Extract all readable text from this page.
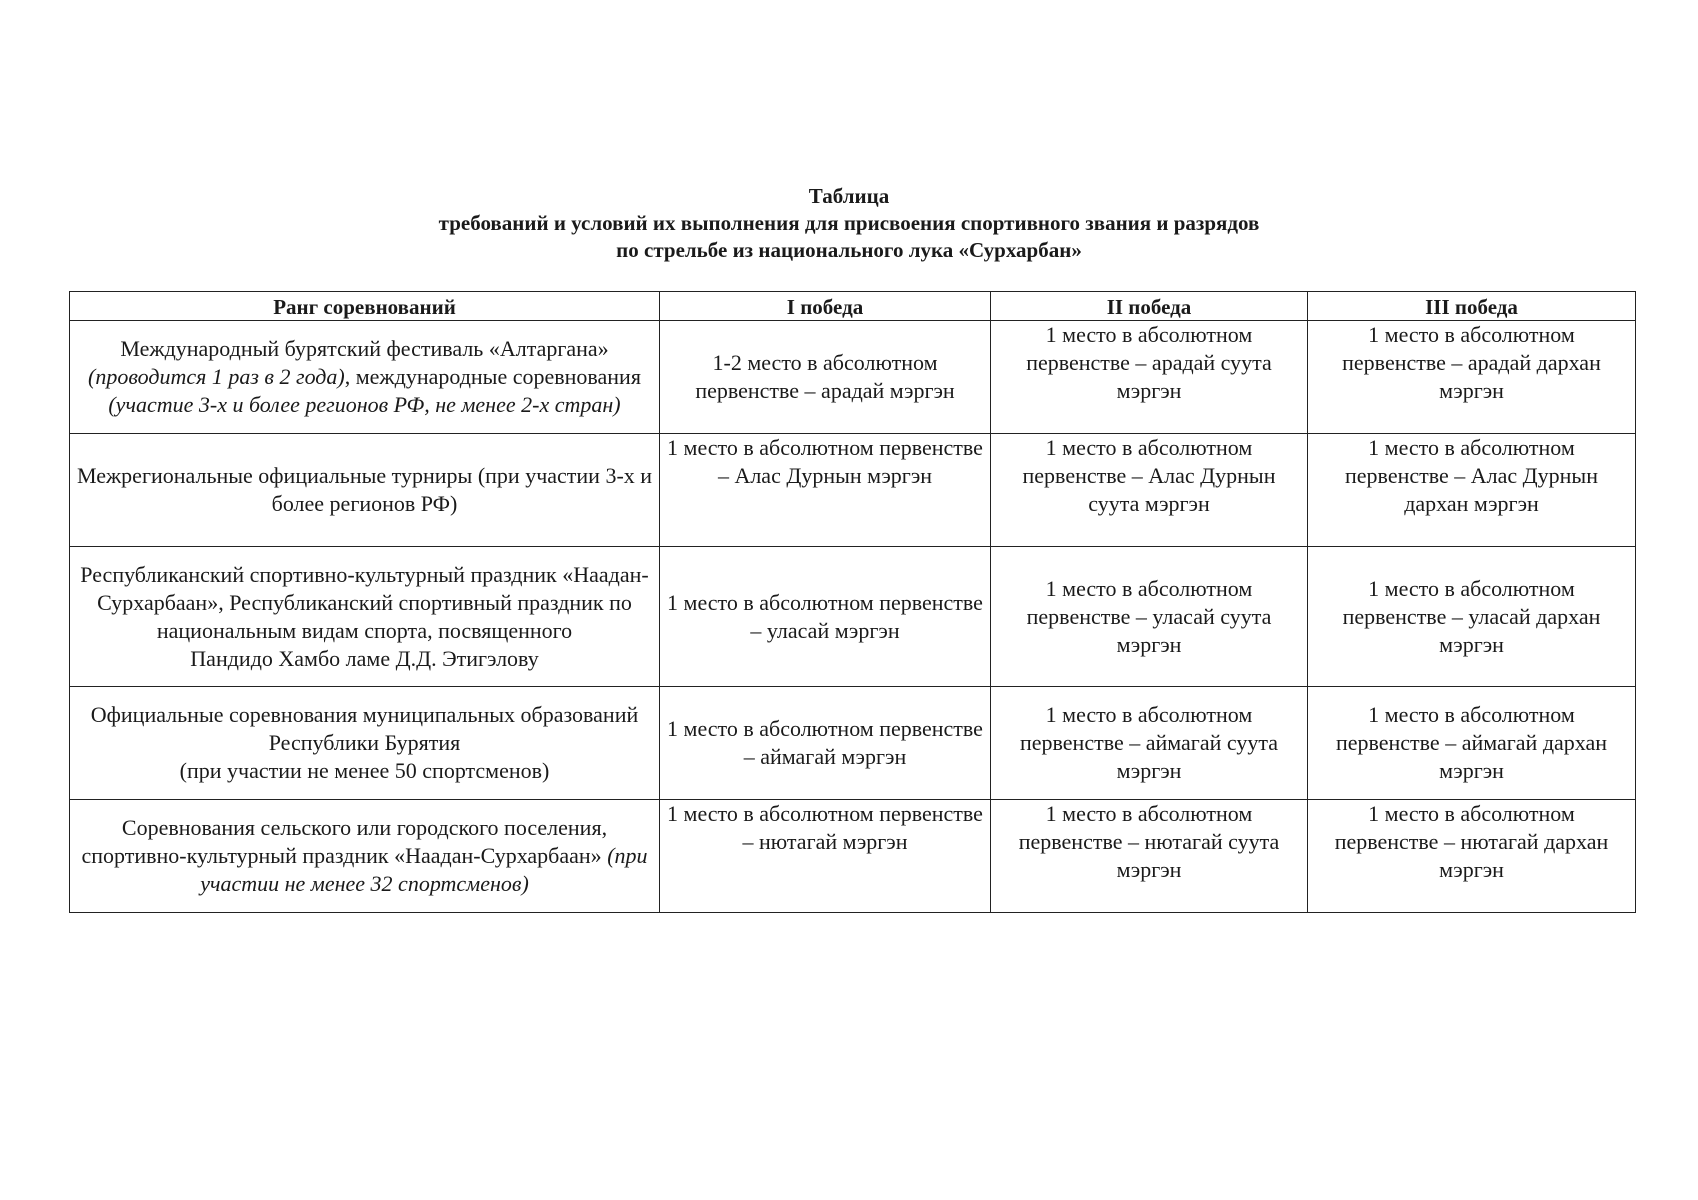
Таблица
требований и условий их выполнения для присвоения спортивного звания и разрядов
по стрельбе из национального лука «Сурхарбан»
Ранг соревнований	I победа	II победа	III победа
Международный бурятский фестиваль «Алтаргана»
(проводится 1 раз в 2 года), международные соревнования (участие 3-х и более регионов РФ, не менее 2-х стран)	1-2 место в абсолютном первенстве – арадай мэргэн	1 место в абсолютном первенстве – арадай суута мэргэн	1 место в абсолютном первенстве – арадай дархан мэргэн
Межрегиональные официальные турниры (при участии 3-х и более регионов РФ)	1 место в абсолютном первенстве – Алас Дурнын мэргэн	1 место в абсолютном первенстве – Алас Дурнын суута мэргэн	1 место в абсолютном первенстве – Алас Дурнын дархан мэргэн

Республиканский спортивно-культурный праздник «Наадан-Сурхарбаан», Республиканский спортивный праздник по национальным видам спорта, посвященного
Пандидо Хамбо ламе Д.Д. Этигэлову	1 место в абсолютном первенстве – уласай мэргэн	1 место в абсолютном первенстве – уласай суута мэргэн	1 место в абсолютном первенстве – уласай дархан мэргэн

Официальные соревнования муниципальных образований Республики Бурятия
(при участии не менее 50 спортсменов)	1 место в абсолютном первенстве – аймагай мэргэн	1 место в абсолютном первенстве – аймагай суута мэргэн	1 место в абсолютном первенстве – аймагай дархан мэргэн
Соревнования сельского или городского поселения, спортивно-культурный праздник «Наадан-Сурхарбаан» (при участии не менее 32 спортсменов)	1 место в абсолютном первенстве – нютагай мэргэн	1 место в абсолютном первенстве – нютагай суута мэргэн	1 место в абсолютном первенстве – нютагай дархан мэргэн
